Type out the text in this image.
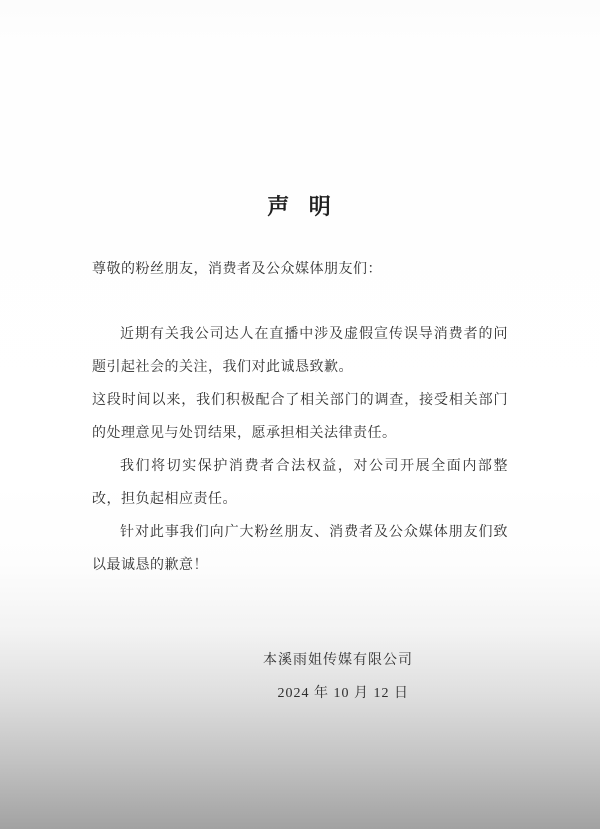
声 明

尊敬的粉丝朋友，消费者及公众媒体朋友们：

近期有关我公司达人在直播中涉及虚假宣传误导消费者的问题引起社会的关注，我们对此诚恳致歉。

这段时间以来，我们积极配合了相关部门的调查，接受相关部门的处理意见与处罚结果，愿承担相关法律责任。

我们将切实保护消费者合法权益，对公司开展全面内部整改，担负起相应责任。

针对此事我们向广大粉丝朋友、消费者及公众媒体朋友们致以最诚恳的歉意！

本溪雨姐传媒有限公司

2024 年 10 月 12 日
